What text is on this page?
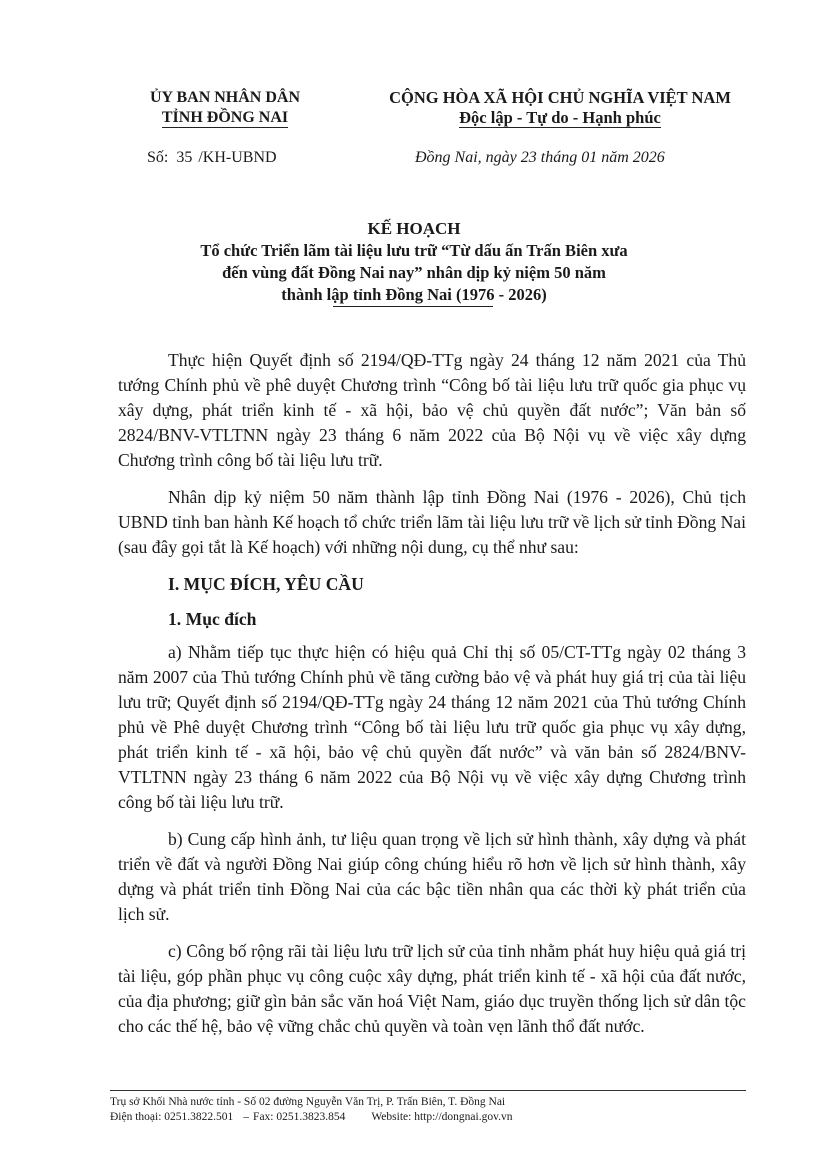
ỦY BAN NHÂN DÂN
TỈNH ĐỒNG NAI
CỘNG HÒA XÃ HỘI CHỦ NGHĨA VIỆT NAM
Độc lập - Tự do - Hạnh phúc
Số: 35 /KH-UBND	Đồng Nai, ngày 23 tháng 01 năm 2026
KẾ HOẠCH
Tổ chức Triển lãm tài liệu lưu trữ “Từ dấu ấn Trấn Biên xưa
đến vùng đất Đồng Nai nay” nhân dịp kỷ niệm 50 năm
thành lập tỉnh Đồng Nai (1976 - 2026)

Thực hiện Quyết định số 2194/QĐ-TTg ngày 24 tháng 12 năm 2021 của Thủ tướng Chính phủ về phê duyệt Chương trình “Công bố tài liệu lưu trữ quốc gia phục vụ xây dựng, phát triển kinh tế - xã hội, bảo vệ chủ quyền đất nước”; Văn bản số 2824/BNV-VTLTNN ngày 23 tháng 6 năm 2022 của Bộ Nội vụ về việc xây dựng Chương trình công bố tài liệu lưu trữ.

Nhân dịp kỷ niệm 50 năm thành lập tỉnh Đồng Nai (1976 - 2026), Chủ tịch UBND tỉnh ban hành Kế hoạch tổ chức triển lãm tài liệu lưu trữ về lịch sử tỉnh Đồng Nai (sau đây gọi tắt là Kế hoạch) với những nội dung, cụ thể như sau:

I. MỤC ĐÍCH, YÊU CẦU
1. Mục đích

a) Nhằm tiếp tục thực hiện có hiệu quả Chỉ thị số 05/CT-TTg ngày 02 tháng 3 năm 2007 của Thủ tướng Chính phủ về tăng cường bảo vệ và phát huy giá trị của tài liệu lưu trữ; Quyết định số 2194/QĐ-TTg ngày 24 tháng 12 năm 2021 của Thủ tướng Chính phủ về Phê duyệt Chương trình “Công bố tài liệu lưu trữ quốc gia phục vụ xây dựng, phát triển kinh tế - xã hội, bảo vệ chủ quyền đất nước” và văn bản số 2824/BNV-VTLTNN ngày 23 tháng 6 năm 2022 của Bộ Nội vụ về việc xây dựng Chương trình công bố tài liệu lưu trữ.

b) Cung cấp hình ảnh, tư liệu quan trọng về lịch sử hình thành, xây dựng và phát triển về đất và người Đồng Nai giúp công chúng hiểu rõ hơn về lịch sử hình thành, xây dựng và phát triển tỉnh Đồng Nai của các bậc tiền nhân qua các thời kỳ phát triển của lịch sử.

c) Công bố rộng rãi tài liệu lưu trữ lịch sử của tỉnh nhằm phát huy hiệu quả giá trị tài liệu, góp phần phục vụ công cuộc xây dựng, phát triển kinh tế - xã hội của đất nước, của địa phương; giữ gìn bản sắc văn hoá Việt Nam, giáo dục truyền thống lịch sử dân tộc cho các thế hệ, bảo vệ vững chắc chủ quyền và toàn vẹn lãnh thổ đất nước.

Trụ sở Khối Nhà nước tỉnh - Số 02 đường Nguyễn Văn Trị, P. Trấn Biên, T. Đồng Nai
Điện thoại: 0251.3822.501 – Fax: 0251.3823.854 Website: http://dongnai.gov.vn
